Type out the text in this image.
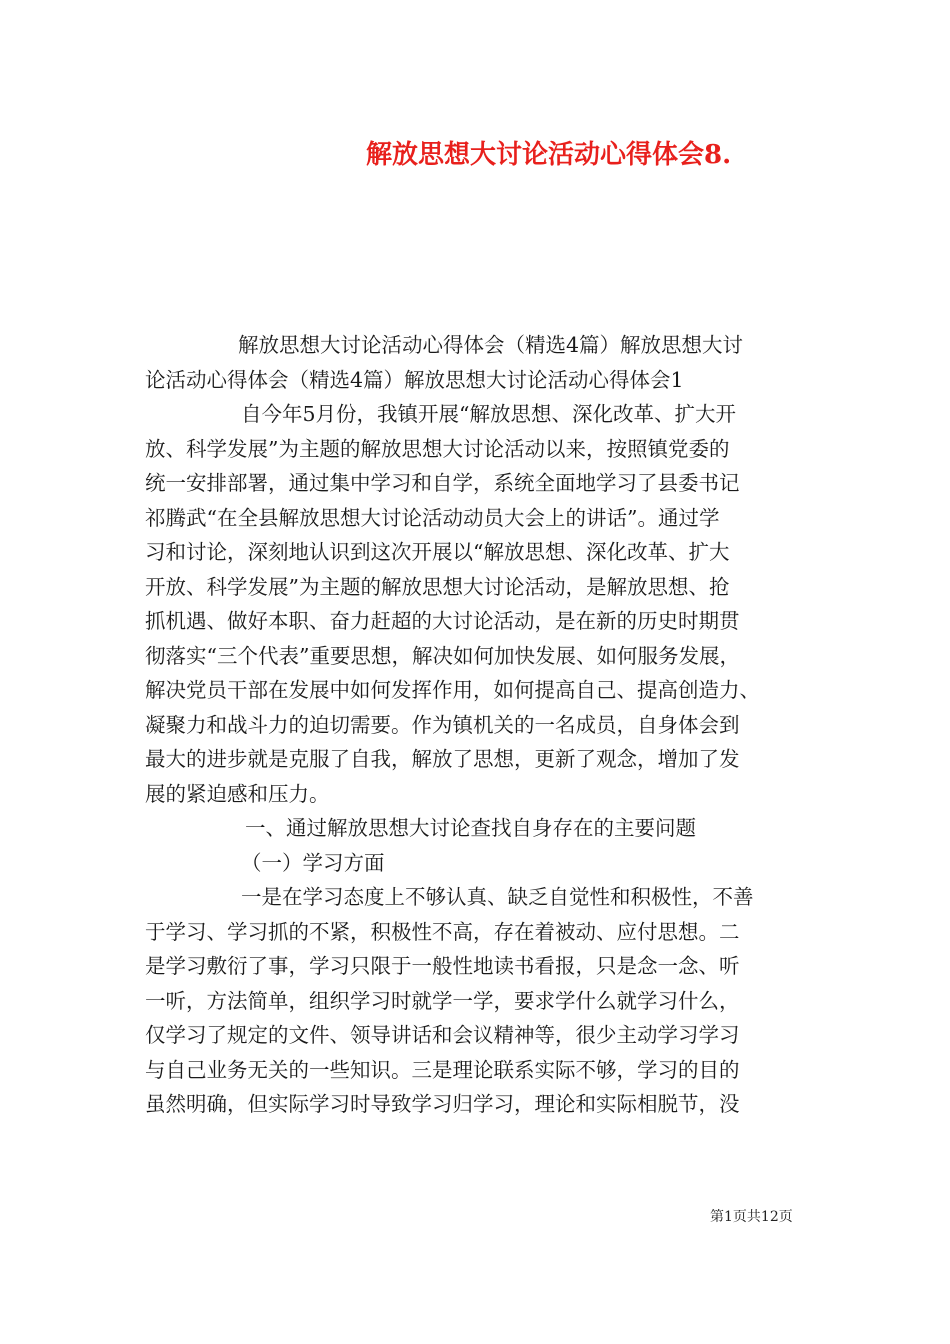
解放思想大讨论活动心得体会8.
解放思想大讨论活动心得体会（精选4篇）解放思想大讨
论活动心得体会（精选4篇）解放思想大讨论活动心得体会1
自今年5月份，我镇开展“解放思想、深化改革、扩大开
放、科学发展”为主题的解放思想大讨论活动以来，按照镇党委的
统一安排部署，通过集中学习和自学，系统全面地学习了县委书记
祁腾武“在全县解放思想大讨论活动动员大会上的讲话”。通过学
习和讨论，深刻地认识到这次开展以“解放思想、深化改革、扩大
开放、科学发展”为主题的解放思想大讨论活动，是解放思想、抢
抓机遇、做好本职、奋力赶超的大讨论活动，是在新的历史时期贯
彻落实“三个代表”重要思想，解决如何加快发展、如何服务发展，
解决党员干部在发展中如何发挥作用，如何提高自己、提高创造力、
凝聚力和战斗力的迫切需要。作为镇机关的一名成员，自身体会到
最大的进步就是克服了自我，解放了思想，更新了观念，增加了发
展的紧迫感和压力。
一、通过解放思想大讨论查找自身存在的主要问题
（一）学习方面
一是在学习态度上不够认真、缺乏自觉性和积极性，不善
于学习、学习抓的不紧，积极性不高，存在着被动、应付思想。二
是学习敷衍了事，学习只限于一般性地读书看报，只是念一念、听
一听，方法简单，组织学习时就学一学，要求学什么就学习什么，
仅学习了规定的文件、领导讲话和会议精神等，很少主动学习学习
与自己业务无关的一些知识。三是理论联系实际不够，学习的目的
虽然明确，但实际学习时导致学习归学习，理论和实际相脱节，没
第1页共12页
